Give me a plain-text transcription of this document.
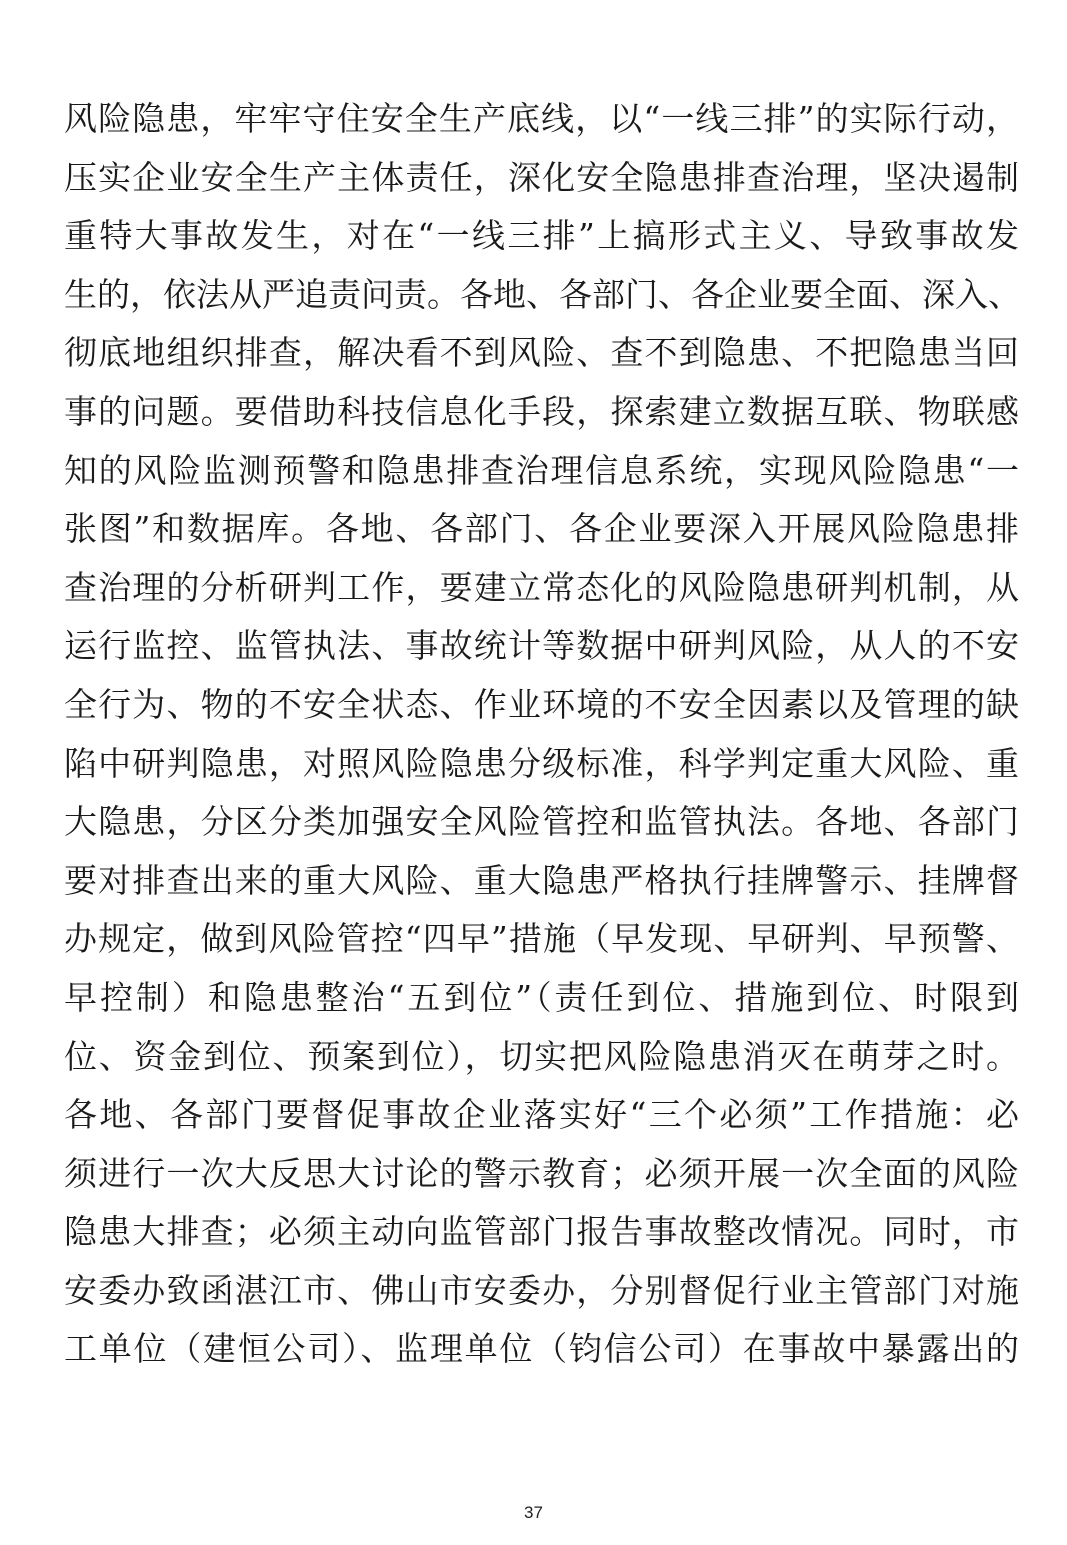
风险隐患，牢牢守住安全生产底线，以“一线三排”的实际行动，
压实企业安全生产主体责任，深化安全隐患排查治理，坚决遏制
重特大事故发生，对在“一线三排”上搞形式主义、导致事故发
生的，依法从严追责问责。各地、各部门、各企业要全面、深入、
彻底地组织排查，解决看不到风险、查不到隐患、不把隐患当回
事的问题。要借助科技信息化手段，探索建立数据互联、物联感
知的风险监测预警和隐患排查治理信息系统，实现风险隐患“一
张图”和数据库。各地、各部门、各企业要深入开展风险隐患排
查治理的分析研判工作，要建立常态化的风险隐患研判机制，从
运行监控、监管执法、事故统计等数据中研判风险，从人的不安
全行为、物的不安全状态、作业环境的不安全因素以及管理的缺
陷中研判隐患，对照风险隐患分级标准，科学判定重大风险、重
大隐患，分区分类加强安全风险管控和监管执法。各地、各部门
要对排查出来的重大风险、重大隐患严格执行挂牌警示、挂牌督
办规定，做到风险管控“四早”措施（早发现、早研判、早预警、
早控制）和隐患整治“五到位”（责任到位、措施到位、时限到
位、资金到位、预案到位），切实把风险隐患消灭在萌芽之时。
各地、各部门要督促事故企业落实好“三个必须”工作措施：必
须进行一次大反思大讨论的警示教育；必须开展一次全面的风险
隐患大排查；必须主动向监管部门报告事故整改情况。同时，市
安委办致函湛江市、佛山市安委办，分别督促行业主管部门对施
工单位（建恒公司）、监理单位（钧信公司）在事故中暴露出的
37
